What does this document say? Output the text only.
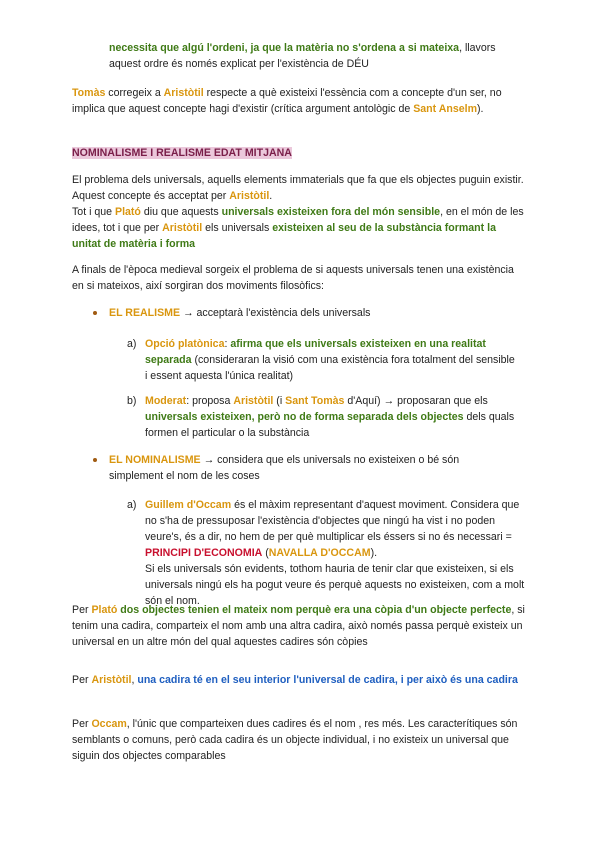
necessita que algú l'ordeni, ja que la matèria no s'ordena a si mateixa, llavors aquest ordre és només explicat per l'existència de DÉU

Tomàs corregeix a Aristòtil respecte a què existeixi l'essència com a concepte d'un ser, no implica que aquest concepte hagi d'existir (crítica argument antològic de Sant Anselm).

NOMINALISME I REALISME EDAT MITJANA

El problema dels universals, aquells elements immaterials que fa que els objectes puguin existir. Aquest concepte és acceptat per Aristòtil.
Tot i que Plató diu que aquests universals existeixen fora del món sensible, en el món de les idees, tot i que per Aristòtil els universals existeixen al seu de la substància formant la unitat de matèria i forma

A finals de l'època medieval sorgeix el problema de si aquests universals tenen una existència en si mateixos, així sorgiran dos moviments filosòfics:

EL REALISME → acceptarà l'existència dels universals

a) Opció platònica: afirma que els universals existeixen en una realitat separada (consideraran la visió com una existència fora totalment del sensible i essent aquesta l'única realitat)

b) Moderat: proposa Aristòtil (i Sant Tomàs d'Aquí) → proposaran que els universals existeixen, però no de forma separada dels objectes dels quals formen el particular o la substància

EL NOMINALISME → considera que els universals no existeixen o bé són simplement el nom de les coses

a) Guillem d'Occam és el màxim representant d'aquest moviment. Considera que no s'ha de pressuposar l'existència d'objectes que ningú ha vist i no poden veure's, és a dir, no hem de per què multiplicar els éssers si no és necessari = PRINCIPI D'ECONOMIA (NAVALLA D'OCCAM).
Si els universals són evidents, tothom hauria de tenir clar que existeixen, si els universals ningú els ha pogut veure és perquè aquests no existeixen, com a molt són el nom.

Per Plató dos objectes tenien el mateix nom perquè era una còpia d'un objecte perfecte, si tenim una cadira, comparteix el nom amb una altra cadira, això només passa perquè existeix un universal en un altre món del qual aquestes cadires són còpies

Per Aristòtil, una cadira té en el seu interior l'universal de cadira, i per això és una cadira

Per Occam, l'únic que comparteixen dues cadires és el nom , res més. Les caracterítiques són semblants o comuns, però cada cadira és un objecte individual, i no existeix un universal que siguin dos objectes comparables
